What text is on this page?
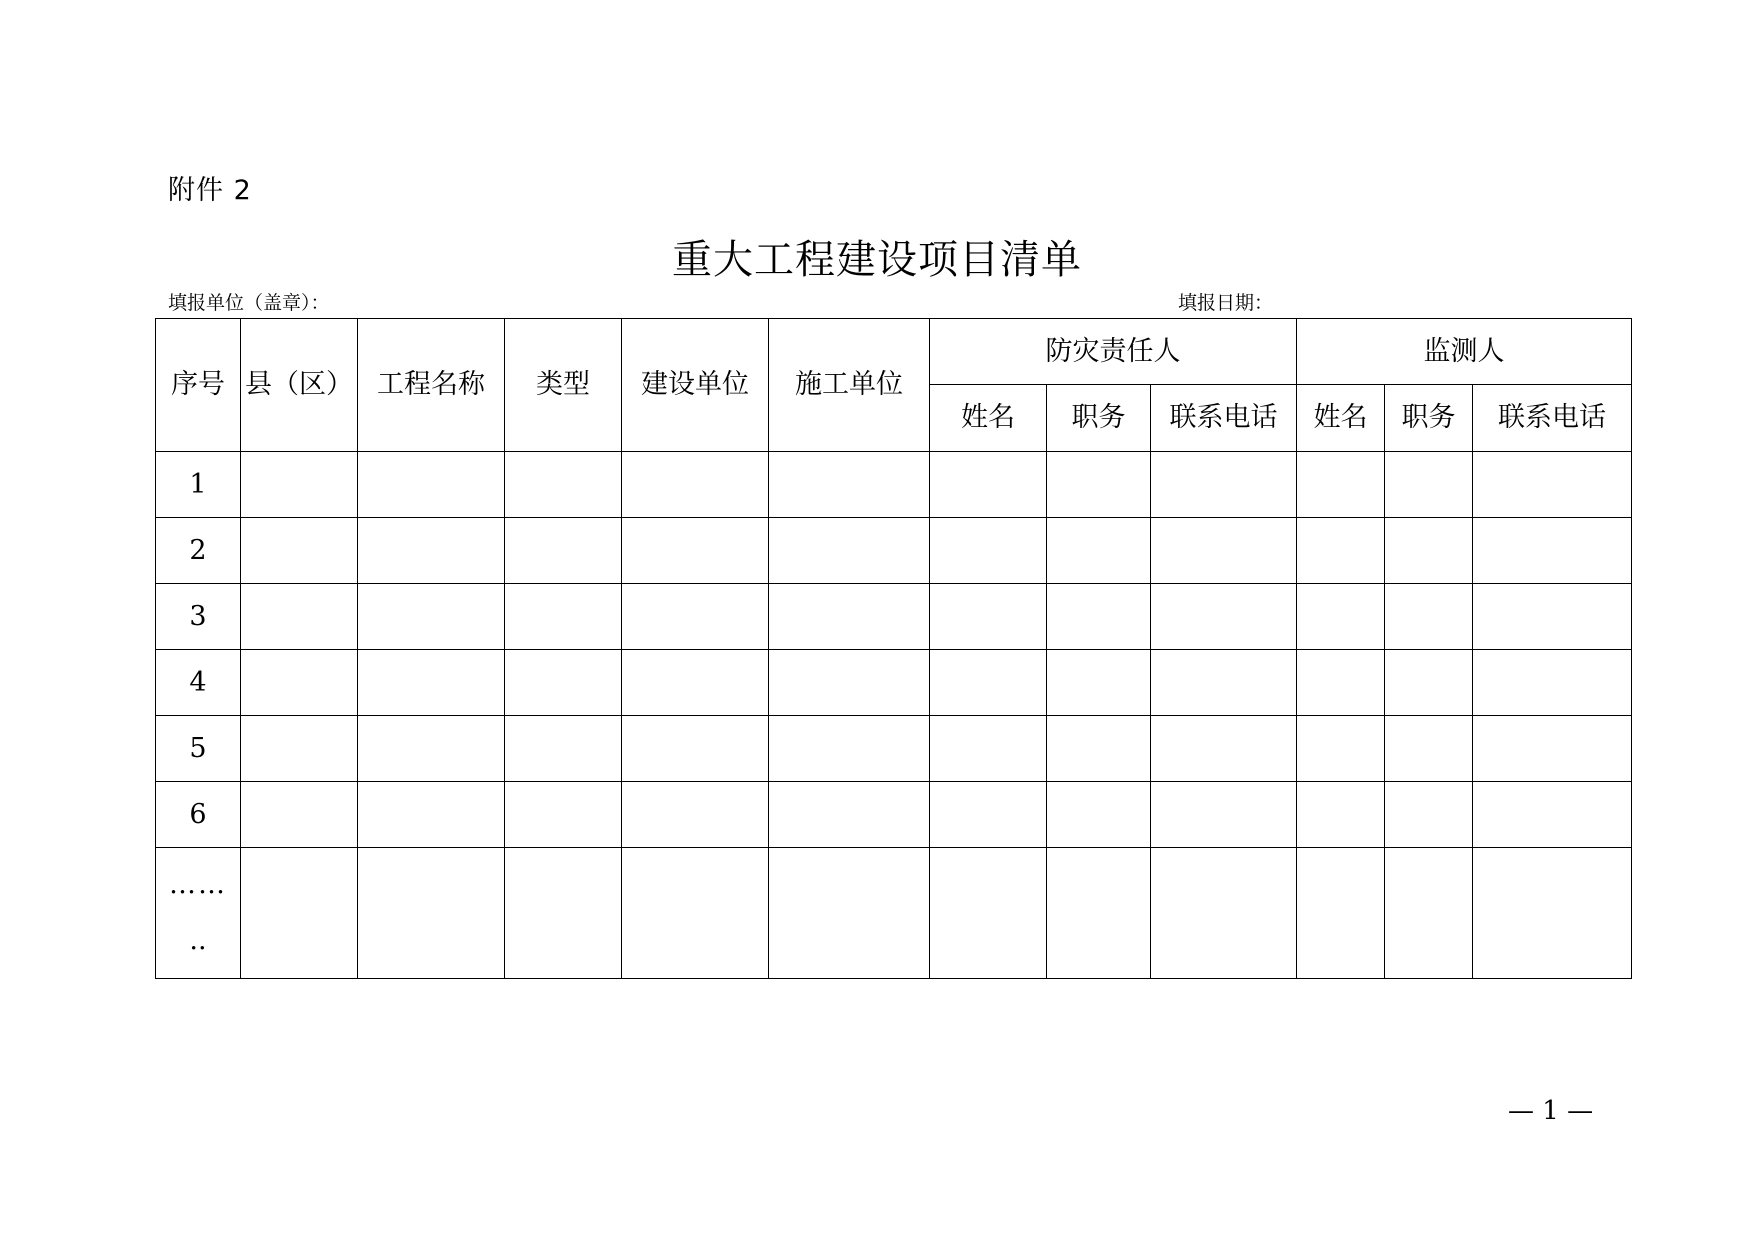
附件 2
重大工程建设项目清单
填报单位（盖章）：	填报日期：
序号	县（区）	工程名称	类型	建设单位	施工单位	防灾责任人			监测人		
						姓名	职务	联系电话	姓名	职务	联系电话
1											
2											
3											
4											
5											
6											

……
..											

— 1 —
